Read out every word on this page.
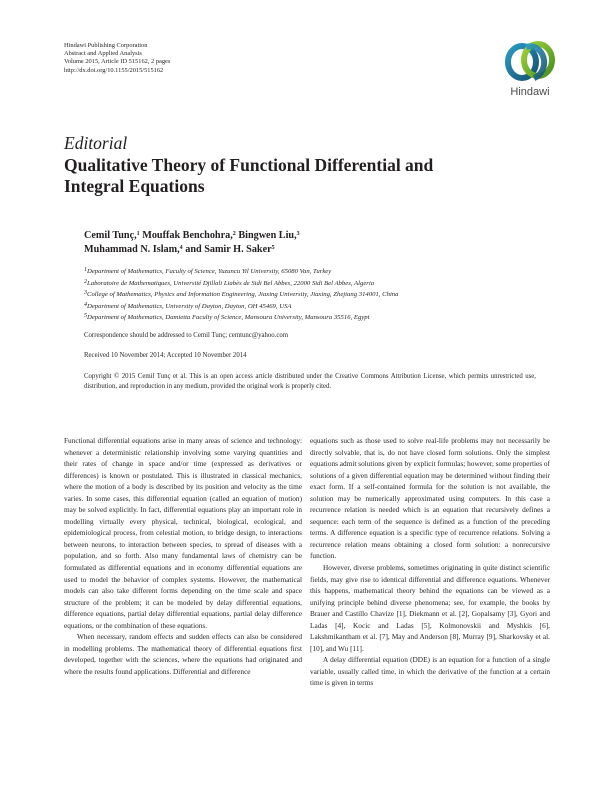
Hindawi Publishing Corporation
Abstract and Applied Analysis
Volume 2015, Article ID 515162, 2 pages
http://dx.doi.org/10.1155/2015/515162
Hindawi
Editorial
Qualitative Theory of Functional Differential and Integral Equations
Cemil Tunç,$^1$ Mouffak Benchohra,$^2$ Bingwen Liu,$^3$
Muhammad N. Islam,$^4$ and Samir H. Saker$^5$
$^1$Department of Mathematics, Faculty of Science, Yuzuncu Yil University, 65080 Van, Turkey
$^2$Laboratoire de Mathematiques, Université Djillali Liabès de Sidi Bel Abbes, 22000 Sidi Bel Abbes, Algeria
$^3$College of Mathematics, Physics and Information Engineering, Jiaxing University, Jiaxing, Zhejiang 314001, China
$^4$Department of Mathematics, University of Dayton, Dayton, OH 45469, USA
$^5$Department of Mathematics, Damietta Faculty of Science, Mansoura University, Mansoura 35516, Egypt
Correspondence should be addressed to Cemil Tunç; cemtunc@yahoo.com
Received 10 November 2014; Accepted 10 November 2014
Copyright © 2015 Cemil Tunç et al. This is an open access article distributed under the Creative Commons Attribution License, which permits unrestricted use, distribution, and reproduction in any medium, provided the original work is properly cited.

Functional differential equations arise in many areas of science and technology: whenever a deterministic relationship involving some varying quantities and their rates of change in space and/or time (expressed as derivatives or differences) is known or postulated. This is illustrated in classical mechanics, where the motion of a body is described by its position and velocity as the time varies. In some cases, this differential equation (called an equation of motion) may be solved explicitly. In fact, differential equations play an important role in modelling virtually every physical, technical, biological, ecological, and epidemiological process, from celestial motion, to bridge design, to interactions between neurons, to interaction between species, to spread of diseases with a population, and so forth. Also many fundamental laws of chemistry can be formulated as differential equations and in economy differential equations are used to model the behavior of complex systems. However, the mathematical models can also take different forms depending on the time scale and space structure of the problem; it can be modeled by delay differential equations, difference equations, partial delay differential equations, partial delay difference equations, or the combination of these equations.

When necessary, random effects and sudden effects can also be considered in modelling problems. The mathematical theory of differential equations first developed, together with the sciences, where the equations had originated and where the results found applications. Differential and difference

equations such as those used to solve real-life problems may not necessarily be directly solvable, that is, do not have closed form solutions. Only the simplest equations admit solutions given by explicit formulas; however, some properties of solutions of a given differential equation may be determined without finding their exact form. If a self-contained formula for the solution is not available, the solution may be numerically approximated using computers. In this case a recurrence relation is needed which is an equation that recursively defines a sequence: each term of the sequence is defined as a function of the preceding terms. A difference equation is a specific type of recurrence relations. Solving a recurrence relation means obtaining a closed form solution: a nonrecursive function.

However, diverse problems, sometimes originating in quite distinct scientific fields, may give rise to identical differential and difference equations. Whenever this happens, mathematical theory behind the equations can be viewed as a unifying principle behind diverse phenomena; see, for example, the books by Brauer and Castillo Chavize [1], Diekmann et al. [2], Gopalsamy [3], Gyori and Ladas [4], Kocic and Ladas [5], Kolmonovskii and Myshkis [6], Lakshmikantham et al. [7], May and Anderson [8], Murray [9], Sharkovsky et al. [10], and Wu [11].

A delay differential equation (DDE) is an equation for a function of a single variable, usually called time, in which the derivative of the function at a certain time is given in terms
